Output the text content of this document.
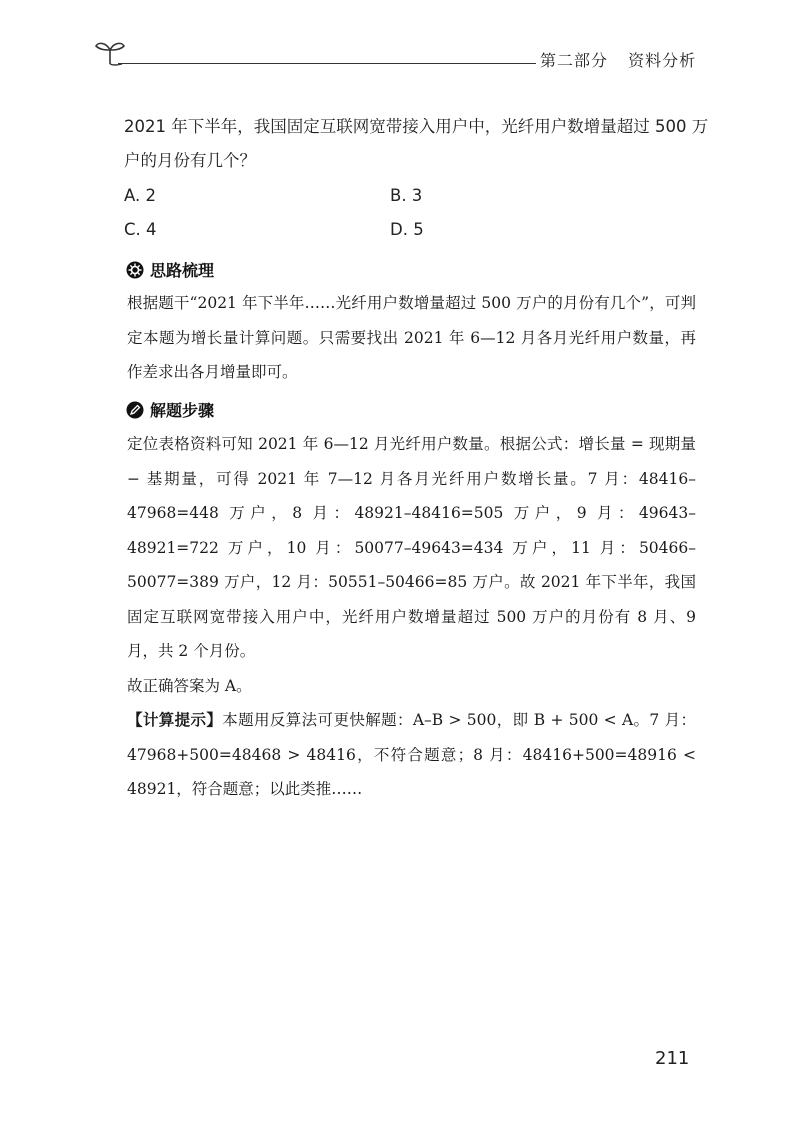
第二部分 资料分析
2021 年下半年，我国固定互联网宽带接入用户中，光纤用户数增量超过 500 万户的月份有几个？
A. 2	B. 3
C. 4	D. 5
思路梳理
根据题干“2021 年下半年……光纤用户数增量超过 500 万户的月份有几个”，可判定本题为增长量计算问题。只需要找出 2021 年 6—12 月各月光纤用户数量，再作差求出各月增量即可。
解题步骤
定位表格资料可知 2021 年 6—12 月光纤用户数量。根据公式：增长量 = 现期量 − 基期量，可得 2021 年 7—12 月各月光纤用户数增长量。7 月：48416–47968=448 万户，8 月：48921–48416=505 万户，9 月：49643–48921=722 万户，10 月：50077–49643=434 万户，11 月：50466–50077=389 万户，12 月：50551–50466=85 万户。故 2021 年下半年，我国固定互联网宽带接入用户中，光纤用户数增量超过 500 万户的月份有 8 月、9 月，共 2 个月份。
故正确答案为 A。
【计算提示】本题用反算法可更快解题：A–B > 500，即 B + 500 < A。7 月：47968+500=48468 > 48416，不符合题意；8 月：48416+500=48916 < 48921，符合题意；以此类推……
211
